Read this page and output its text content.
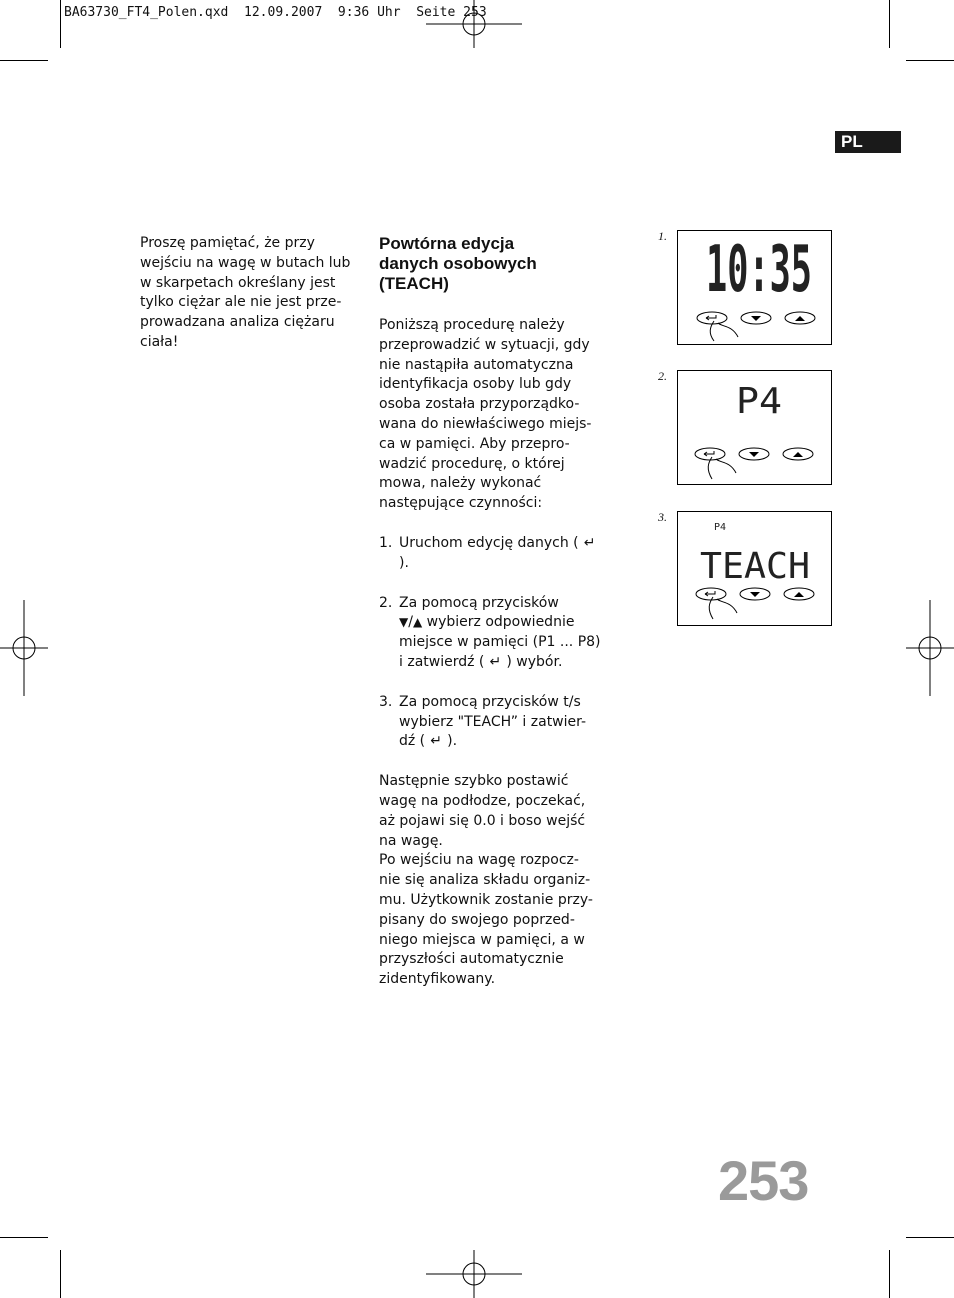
BA63730_FT4_Polen.qxd  12.09.2007  9:36 Uhr  Seite 253
PL
Proszę pamiętać, że przy wejściu na wagę w butach lub w skarpetach określany jest tylko ciężar ale nie jest prze- prowadzana analiza ciężaru ciała!
Powtórna edycja
danych osobowych
(TEACH)

Poniższą procedurę należy przeprowadzić w sytuacji, gdy nie nastąpiła automatyczna identyfikacja osoby lub gdy osoba została przyporządko- wana do niewłaściwego miejs- ca w pamięci. Aby przepro- wadzić procedurę, o której mowa, należy wykonać następujące czynności:

1. Uruchom edycję danych ( ↵).
2. Za pomocą przycisków
▼/▲ wybierz odpowiednie miejsce w pamięci (P1 ... P8) i zatwierdź ( ↵ ) wybór.
3. Za pomocą przycisków t/s wybierz "TEACH” i zatwier- dź ( ↵ ).

Następnie szybko postawić wagę na podłodze, poczekać, aż pojawi się 0.0 i boso wejść na wagę.

Po wejściu na wagę rozpocz- nie się analiza składu organiz- mu. Użytkownik zostanie przy- pisany do swojego poprzed- niego miejsca w pamięci, a w przyszłości automatycznie zidentyfikowany.

1. 10:35
2.
P4
3.
P4
TEACH
253
